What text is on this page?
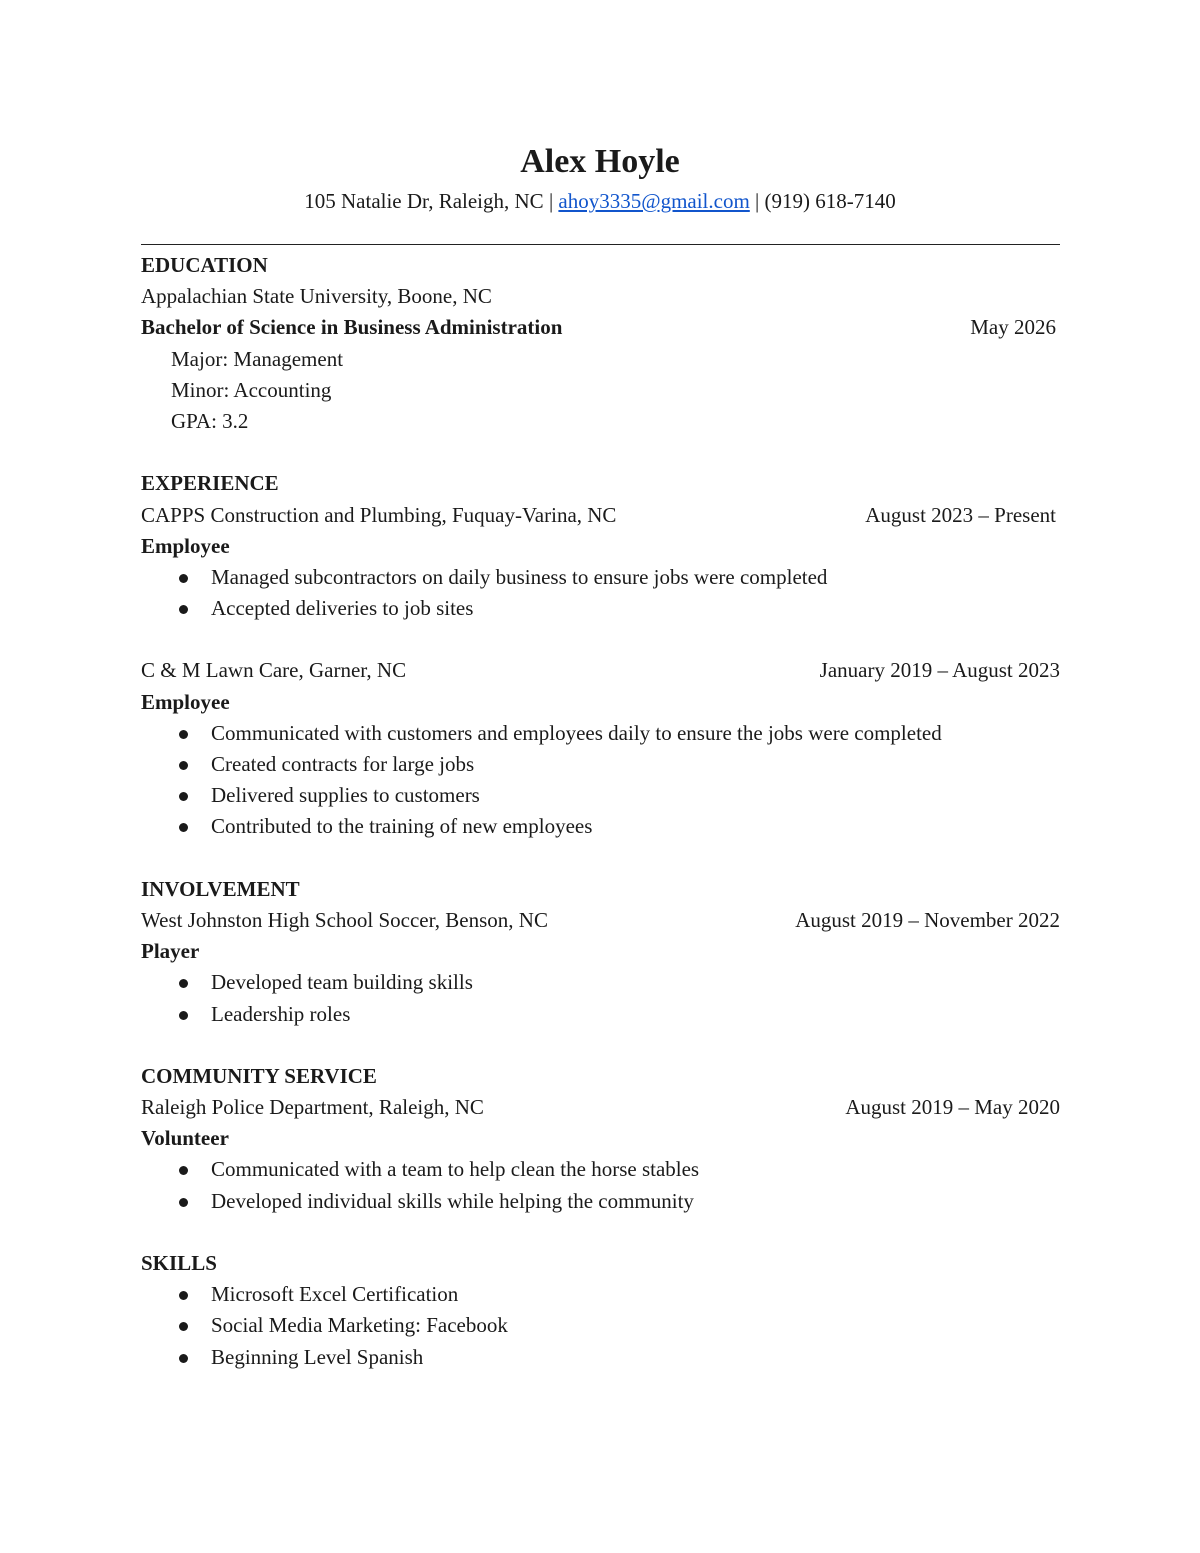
Alex Hoyle
105 Natalie Dr, Raleigh, NC | ahoy3335@gmail.com | (919) 618-7140
EDUCATION
Appalachian State University, Boone, NC
Bachelor of Science in Business Administration	May 2026
Major: Management
Minor: Accounting
GPA: 3.2
EXPERIENCE
CAPPS Construction and Plumbing, Fuquay-Varina, NC	August 2023 – Present
Employee
Managed subcontractors on daily business to ensure jobs were completed
Accepted deliveries to job sites
C & M Lawn Care, Garner, NC	January 2019 – August 2023
Employee
Communicated with customers and employees daily to ensure the jobs were completed
Created contracts for large jobs
Delivered supplies to customers
Contributed to the training of new employees
INVOLVEMENT
West Johnston High School Soccer, Benson, NC	August 2019 – November 2022
Player
Developed team building skills
Leadership roles
COMMUNITY SERVICE
Raleigh Police Department, Raleigh, NC	August 2019 – May 2020
Volunteer
Communicated with a team to help clean the horse stables
Developed individual skills while helping the community
SKILLS
Microsoft Excel Certification
Social Media Marketing: Facebook
Beginning Level Spanish
